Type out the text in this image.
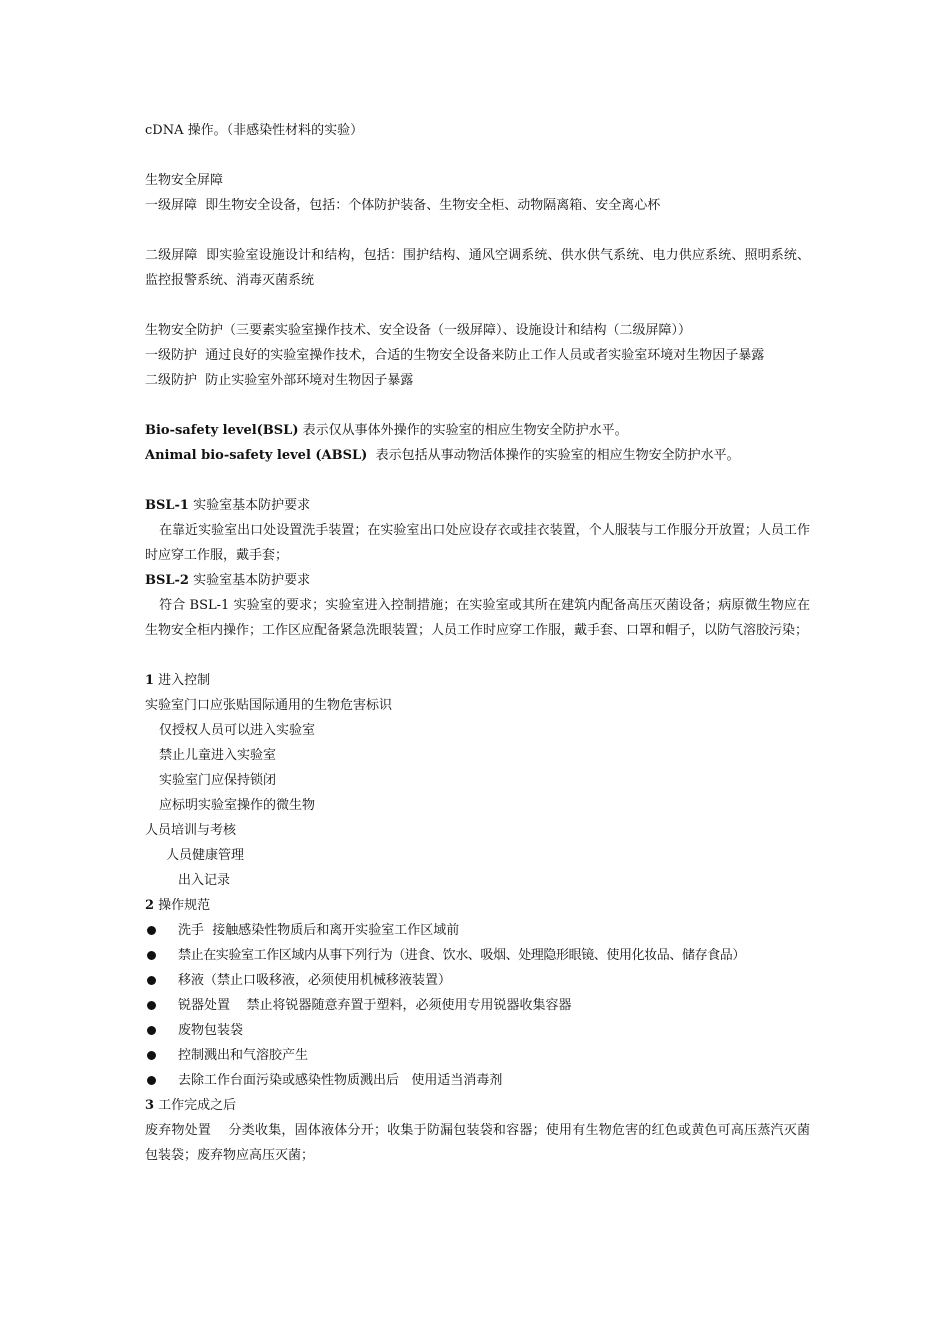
cDNA 操作。（非感染性材料的实验）
生物安全屏障
一级屏障 即生物安全设备，包括：个体防护装备、生物安全柜、动物隔离箱、安全离心杯
二级屏障 即实验室设施设计和结构，包括：围护结构、通风空调系统、供水供气系统、电力供应系统、照明系统、监控报警系统、消毒灭菌系统
生物安全防护（三要素实验室操作技术、安全设备（一级屏障）、设施设计和结构（二级屏障））
一级防护 通过良好的实验室操作技术，合适的生物安全设备来防止工作人员或者实验室环境对生物因子暴露
二级防护 防止实验室外部环境对生物因子暴露
Bio-safety level(BSL) 表示仅从事体外操作的实验室的相应生物安全防护水平。
Animal bio-safety level (ABSL)  表示包括从事动物活体操作的实验室的相应生物安全防护水平。
BSL-1 实验室基本防护要求
在靠近实验室出口处设置洗手装置；在实验室出口处应设存衣或挂衣装置，个人服装与工作服分开放置；人员工作时应穿工作服，戴手套；
BSL-2 实验室基本防护要求
符合 BSL-1 实验室的要求；实验室进入控制措施；在实验室或其所在建筑内配备高压灭菌设备；病原微生物应在生物安全柜内操作；工作区应配备紧急洗眼装置；人员工作时应穿工作服，戴手套、口罩和帽子，以防气溶胶污染；
1 进入控制
实验室门口应张贴国际通用的生物危害标识
仅授权人员可以进入实验室
禁止儿童进入实验室
实验室门应保持锁闭
应标明实验室操作的微生物
人员培训与考核
人员健康管理
出入记录
2 操作规范
洗手  接触感染性物质后和离开实验室工作区域前
禁止在实验室工作区域内从事下列行为（进食、饮水、吸烟、处理隐形眼镜、使用化妆品、储存食品）
移液（禁止口吸移液，必须使用机械移液装置）
锐器处置    禁止将锐器随意弃置于塑料，必须使用专用锐器收集容器
废物包装袋
控制溅出和气溶胶产生
去除工作台面污染或感染性物质溅出后   使用适当消毒剂
3 工作完成之后
废弃物处置 分类收集，固体液体分开；收集于防漏包装袋和容器；使用有生物危害的红色或黄色可高压蒸汽灭菌包装袋；废弃物应高压灭菌；
